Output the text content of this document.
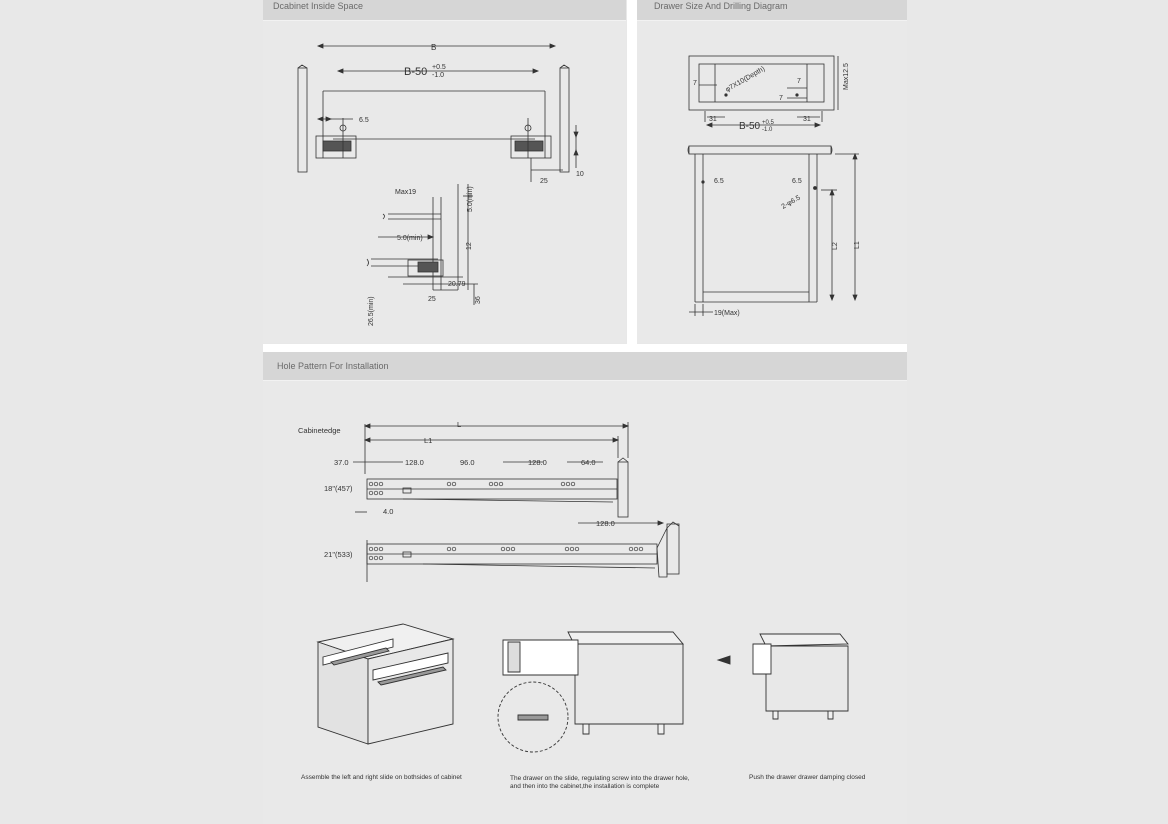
Dcabinet Inside Space
B
B-50 +0.5
-1.0
6.5
25
10
Max19	5.0(min)
5.0(min)
12
20.79
25	36
26.5(min)
Drawer Size And Drilling Diagram
7	φ7X10(Depth)	7
7
Max12.5
31	31
B-50 +0.5
-1.0
6.5	6.5
2-φ6.5
L2 L1
19(Max)
Hole Pattern For Installation
Cabinetedge
L
L1
37.0	128.0	96.0	128.0	64.0
18"(457)
4.0
128.0
21"(533)
Assemble the left and right slide on bothsides of cabinet	The drawer on the slide, regulating screw into the drawer hole,
and then into the cabinet,the installation is complete
Push the drawer drawer damping closed
